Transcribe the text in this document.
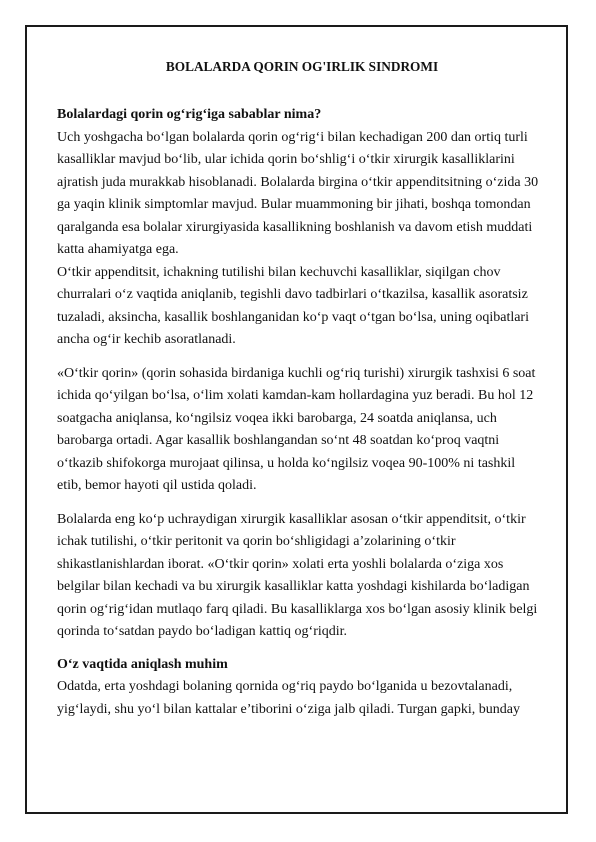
BOLALARDA QORIN OG'IRLIK SINDROMI
Bolalardagi qorin og‘rig‘iga sabablar nima?

Uch yoshgacha bo‘lgan bolalarda qorin og‘rig‘i bilan kechadigan 200 dan ortiq turli

kasalliklar mavjud bo‘lib, ular ichida qorin bo‘shlig‘i o‘tkir xirurgik kasalliklarini

ajratish juda murakkab hisoblanadi. Bolalarda birgina o‘tkir appenditsitning o‘zida 30

ga yaqin klinik simptomlar mavjud. Bular muammoning bir jihati, boshqa tomondan

qaralganda esa bolalar xirurgiyasida kasallikning boshlanish va davom etish muddati

katta ahamiyatga ega.

O‘tkir appenditsit, ichakning tutilishi bilan kechuvchi kasalliklar, siqilgan chov

churralari o‘z vaqtida aniqlanib, tegishli davo tadbirlari o‘tkazilsa, kasallik asoratsiz

tuzaladi, aksincha, kasallik boshlanganidan ko‘p vaqt o‘tgan bo‘lsa, uning oqibatlari

ancha og‘ir kechib asoratlanadi.

«O‘tkir qorin» (qorin sohasida birdaniga kuchli og‘riq turishi) xirurgik tashxisi 6 soat

ichida qo‘yilgan bo‘lsa, o‘lim xolati kamdan-kam hollardagina yuz beradi. Bu hol 12

soatgacha aniqlansa, ko‘ngilsiz voqea ikki barobarga, 24 soatda aniqlansa, uch

barobarga ortadi. Agar kasallik boshlangandan so‘nt 48 soatdan ko‘proq vaqtni

o‘tkazib shifokorga murojaat qilinsa, u holda ko‘ngilsiz voqea 90-100% ni tashkil

etib, bemor hayoti qil ustida qoladi.

Bolalarda eng ko‘p uchraydigan xirurgik kasalliklar asosan o‘tkir appenditsit, o‘tkir

ichak tutilishi, o‘tkir peritonit va qorin bo‘shligidagi a’zolarining o‘tkir

shikastlanishlardan iborat. «O‘tkir qorin» xolati erta yoshli bolalarda o‘ziga xos

belgilar bilan kechadi va bu xirurgik kasalliklar katta yoshdagi kishilarda bo‘ladigan

qorin og‘rig‘idan mutlaqo farq qiladi. Bu kasalliklarga xos bo‘lgan asosiy klinik belgi

qorinda to‘satdan paydo bo‘ladigan kattiq og‘riqdir.

O‘z vaqtida aniqlash muhim

Odatda, erta yoshdagi bolaning qornida og‘riq paydo bo‘lganida u bezovtalanadi,

yig‘laydi, shu yo‘l bilan kattalar e’tiborini o‘ziga jalb qiladi. Turgan gapki, bunday
